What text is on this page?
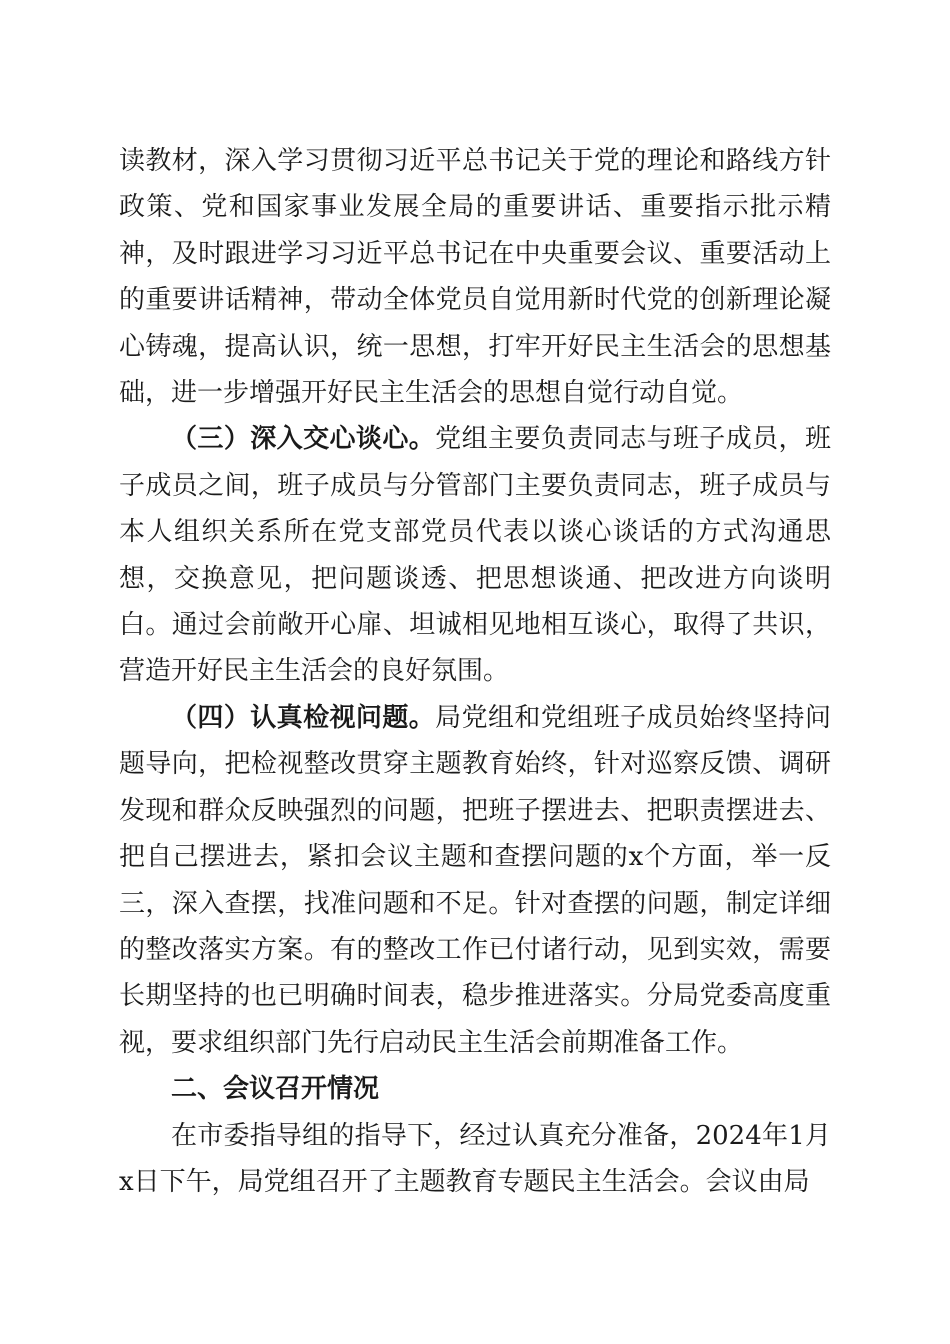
读教材，深入学习贯彻习近平总书记关于党的理论和路线方针政策、党和国家事业发展全局的重要讲话、重要指示批示精神，及时跟进学习习近平总书记在中央重要会议、重要活动上的重要讲话精神，带动全体党员自觉用新时代党的创新理论凝心铸魂，提高认识，统一思想，打牢开好民主生活会的思想基础，进一步增强开好民主生活会的思想自觉行动自觉。

（三）深入交心谈心。党组主要负责同志与班子成员，班子成员之间，班子成员与分管部门主要负责同志，班子成员与本人组织关系所在党支部党员代表以谈心谈话的方式沟通思想，交换意见，把问题谈透、把思想谈通、把改进方向谈明白。通过会前敞开心扉、坦诚相见地相互谈心，取得了共识，营造开好民主生活会的良好氛围。

（四）认真检视问题。局党组和党组班子成员始终坚持问题导向，把检视整改贯穿主题教育始终，针对巡察反馈、调研发现和群众反映强烈的问题，把班子摆进去、把职责摆进去、把自己摆进去，紧扣会议主题和查摆问题的x个方面，举一反三，深入查摆，找准问题和不足。针对查摆的问题，制定详细的整改落实方案。有的整改工作已付诸行动，见到实效，需要长期坚持的也已明确时间表，稳步推进落实。分局党委高度重视，要求组织部门先行启动民主生活会前期准备工作。

二、会议召开情况

在市委指导组的指导下，经过认真充分准备，2024年1月x日下午，局党组召开了主题教育专题民主生活会。会议由局
